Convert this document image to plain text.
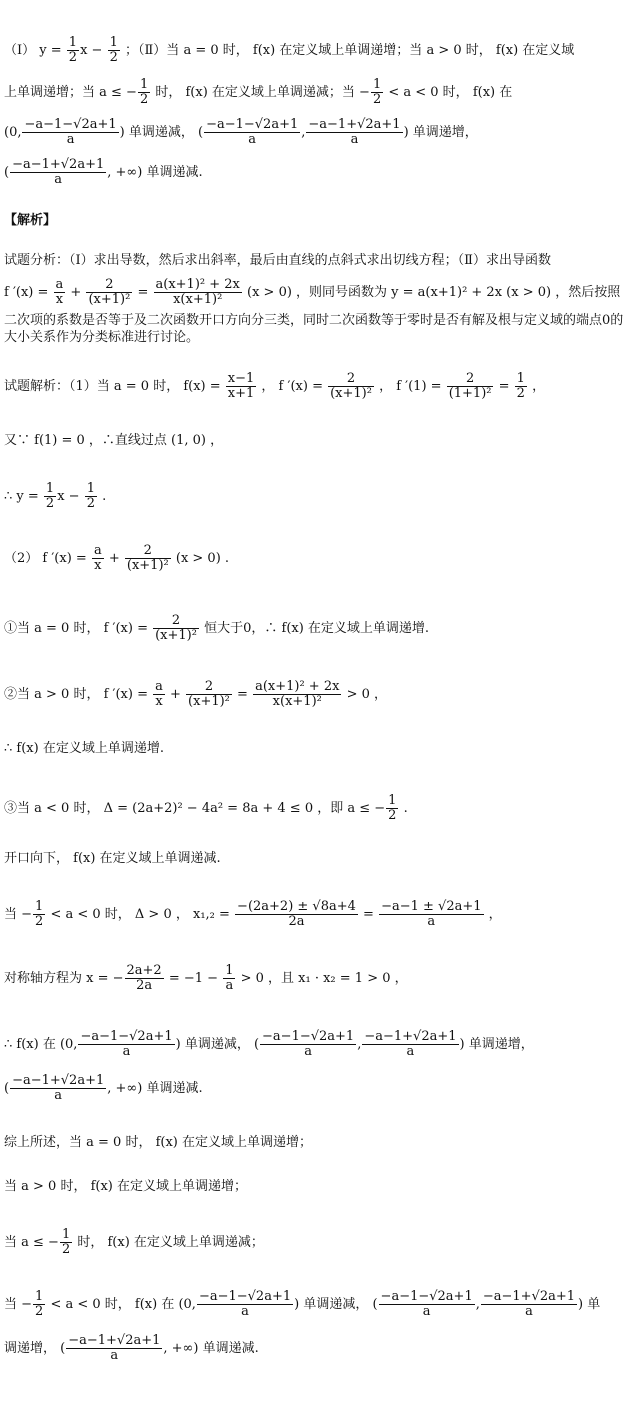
（Ⅰ） $y = \frac{1}{2}$ $x - \frac{1}{2}$ ；（Ⅱ）当 a = 0 时， f(x) 在定义域上单调递增；当 a > 0 时， f(x) 在定义域
上单调递增；当 a ≤ − $\frac{1}{2}$ 时， f(x) 在定义域上单调递减；当 − $\frac{1}{2} < a < 0$ 时， f(x) 在
(0, $\frac{-a-1-√2a+1}{a}$ ) 单调递减， ( $\frac{-a-1-√2a+1}{a}$ , $\frac{-a-1+√2a+1}{a}$ ) 单调递增，
( $\frac{-a-1+√2a+1}{a}$ , +∞) 单调递减.
【解析】
试题分析：（Ⅰ）求出导数，然后求出斜率，最后由直线的点斜式求出切线方程；（Ⅱ）求出导函数
f $'(x) = \frac{a}{x} + \frac{2}{\text{(x+1)²}} = \frac{\text{a(x+1)² + 2x}}{\text{x(x+1)²}} (x > 0)$ ，则同号函数为 y = a(x+1)² + 2x (x > 0) ，然后按照
二次项的系数是否等于及二次函数开口方向分三类，同时二次函数等于零时是否有解及根与定义域的端点0的大小关系作为分类标准进行讨论。
试题解析：（1）当 a = 0 时， $f(x) = \frac{x-1}{x+1}$ ， f $'(x) = \frac{2}{\text{(x+1)²}}$ ， f $'(1) = \frac{2}{\text{(1+1)²}} = \frac{1}{2}$ ，
又∵ f(1) = 0 ，∴直线过点 (1, 0) ，
∴ $y = \frac{1}{2}$ $x - \frac{1}{2}$ .
（2） f $'(x) = \frac{a}{x} + \frac{2}{\text{(x+1)²}} (x > 0)$ .
①当 a = 0 时， f $'(x) = \frac{2}{\text{(x+1)²}}$ 恒大于0，∴ f(x) 在定义域上单调递增.
②当 a > 0 时， f $'(x) = \frac{a}{x} + \frac{2}{\text{(x+1)²}} = \frac{\text{a(x+1)² + 2x}}{\text{x(x+1)²}} > 0$ ，
∴ f(x) 在定义域上单调递增.
③当 a < 0 时， Δ = (2a+2)² − 4a² = 8a + 4 ≤ 0 ，即 a ≤ − $\frac{1}{2}$ .
开口向下， f(x) 在定义域上单调递减.
当 − $\frac{1}{2} < a < 0$ 时， Δ > 0 ， $x_1,_2 = \frac{-(2a+2) \pm √8a+4}{2a} = \frac{-a-1 \pm √2a+1}{a}$ ，
对称轴方程为 x = − $\frac{2a+2}{2a} = -1 - \frac{1}{a} > 0$ ，且 x₁ · x₂ = 1 > 0 ，
∴ f(x) 在 (0, $\frac{-a-1-√2a+1}{a}$ ) 单调递减， ( $\frac{-a-1-√2a+1}{a}$ , $\frac{-a-1+√2a+1}{a}$ ) 单调递增，
( $\frac{-a-1+√2a+1}{a}$ , +∞) 单调递减.
综上所述，当 a = 0 时， f(x) 在定义域上单调递增；
当 a > 0 时， f(x) 在定义域上单调递增；
当 a ≤ − $\frac{1}{2}$ 时， f(x) 在定义域上单调递减；
当 − $\frac{1}{2} < a < 0$ 时， f(x) 在 (0, $\frac{-a-1-√2a+1}{a}$ ) 单调递减， ( $\frac{-a-1-√2a+1}{a}$ , $\frac{-a-1+√2a+1}{a}$ ) 单
调递增， ( $\frac{-a-1+√2a+1}{a}$ , +∞) 单调递减.
